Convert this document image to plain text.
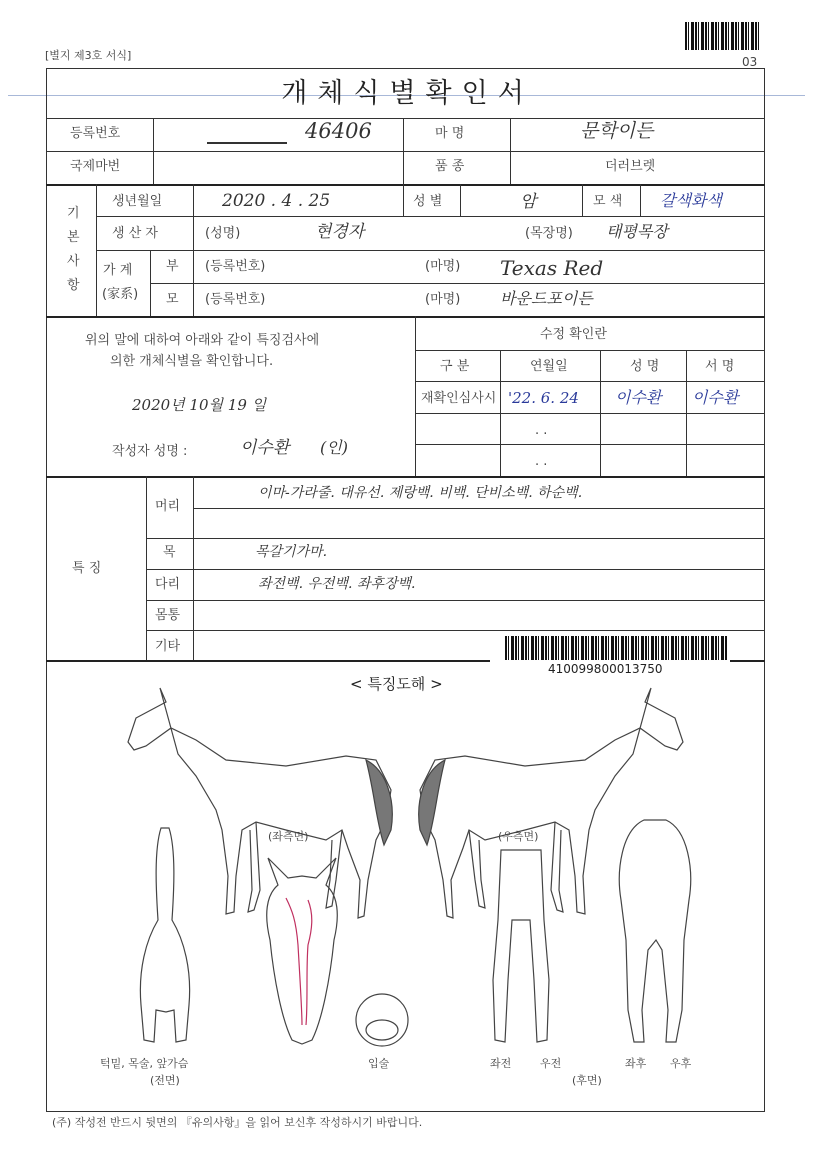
03
[별지 제3호 서식]
개체식별확인서
등록번호	46406	마 명	문학이든
국제마번	품 종	더러브렛
기
본
사
항
생년월일	2020 . 4 . 25	성 별	암	모 색 갈색화색
생 산 자	(성명)	현경자	(목장명) 태평목장
가 계
(家系)
부 (등록번호)	(마명) Texas Red
모 (등록번호)	(마명) 바운드포이든
위의 말에 대하여 아래와 같이 특징검사에
의한 개체식별을 확인합니다.
2020년 10월 19 일
작성자 성명 :	이수환 (인)
수정 확인란
구 분	연월일	성 명	서 명
재확인심사시 '22. 6. 24 이수환 이수환
. .
. .
특 징
머리
이마-가라줄. 대유선. 제랑백. 비백. 단비소백. 하순백.
목	목갈기가마.
다리	좌전백. 우전백. 좌후장백.
몸통
기타
410099800013750
< 특징도해 >
(좌측면)	(우측면)
턱밑, 목술, 앞가슴
(전면)
입술	좌전	우전	좌후 우후
(후면)
(주) 작성전 반드시 뒷면의 『유의사항』을 읽어 보신후 작성하시기 바랍니다.
